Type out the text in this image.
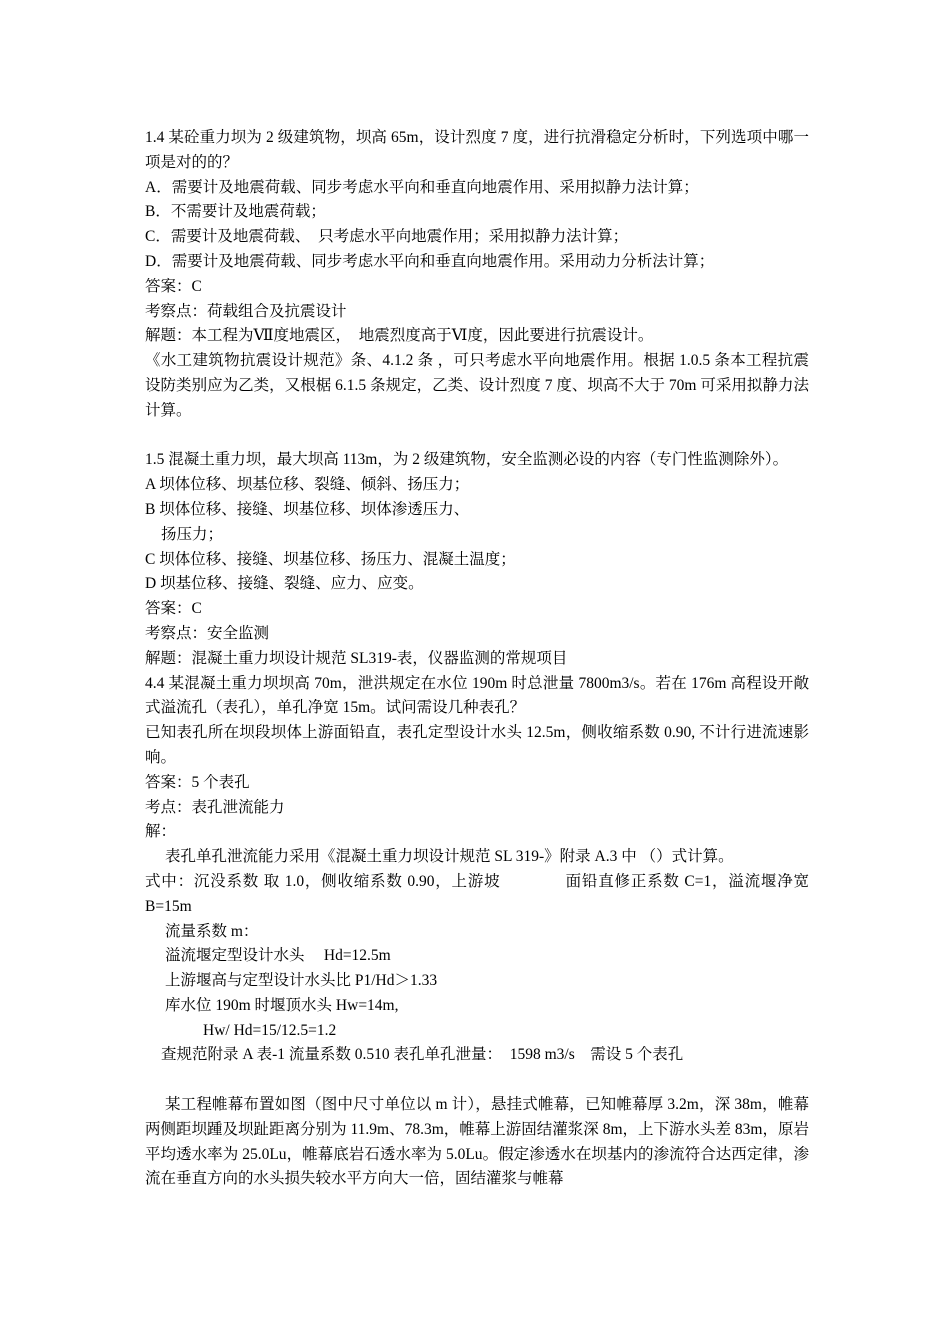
1.4 某砼重力坝为 2 级建筑物，坝高 65m，设计烈度 7 度，进行抗滑稳定分析时，下列选项中哪一项是对的的？

A．需要计及地震荷载、同步考虑水平向和垂直向地震作用、采用拟静力法计算；

B．不需要计及地震荷载；

C．需要计及地震荷载、　只考虑水平向地震作用；采用拟静力法计算；

D．需要计及地震荷载、同步考虑水平向和垂直向地震作用。采用动力分析法计算；

答案：C

考察点：荷载组合及抗震设计

解题：本工程为Ⅶ度地震区，　地震烈度高于Ⅵ度，因此要进行抗震设计。

《水工建筑物抗震设计规范》条、4.1.2 条 ，可只考虑水平向地震作用。根据 1.0.5 条本工程抗震设防类别应为乙类，又根椐 6.1.5 条规定，乙类、设计烈度 7 度、坝高不大于 70m 可采用拟静力法计算。

1.5 混凝土重力坝，最大坝高 113m，为 2 级建筑物，安全监测必设的内容（专门性监测除外）。

A 坝体位移、坝基位移、裂缝、倾斜、扬压力；

B 坝体位移、接缝、坝基位移、坝体渗透压力、

扬压力；

C 坝体位移、接缝、坝基位移、扬压力、混凝土温度；

D 坝基位移、接缝、裂缝、应力、应变。

答案：C

考察点：安全监测

解题：混凝土重力坝设计规范 SL319-表，仪器监测的常规项目

4.4 某混凝土重力坝坝高 70m，泄洪规定在水位 190m 时总泄量 7800m3/s。若在 176m 高程设开敞式溢流孔（表孔），单孔净宽 15m。试问需设几种表孔？

已知表孔所在坝段坝体上游面铅直，表孔定型设计水头 12.5m，侧收缩系数 0.90, 不计行进流速影响。

答案：5 个表孔

考点：表孔泄流能力

解：

表孔单孔泄流能力采用《混凝土重力坝设计规范 SL 319-》附录 A.3 中 （）式计算。

式中：沉没系数 取 1.0，侧收缩系数 0.90，上游坡　　　　面铅直修正系数 C=1，溢流堰净宽 B=15m

流量系数 m：

溢流堰定型设计水头　 Hd=12.5m

上游堰高与定型设计水头比 P1/Hd＞1.33

库水位 190m 时堰顶水头 Hw=14m,

Hw/ Hd=15/12.5=1.2

查规范附录 A 表-1 流量系数 0.510 表孔单孔泄量：　1598 m3/s　需设 5 个表孔

某工程帷幕布置如图（图中尺寸单位以 m 计），悬挂式帷幕，已知帷幕厚 3.2m，深 38m，帷幕两侧距坝踵及坝趾距离分别为 11.9m、78.3m，帷幕上游固结灌浆深 8m，上下游水头差 83m，原岩平均透水率为 25.0Lu，帷幕底岩石透水率为 5.0Lu。假定渗透水在坝基内的渗流符合达西定律，渗流在垂直方向的水头损失较水平方向大一倍，固结灌浆与帷幕
